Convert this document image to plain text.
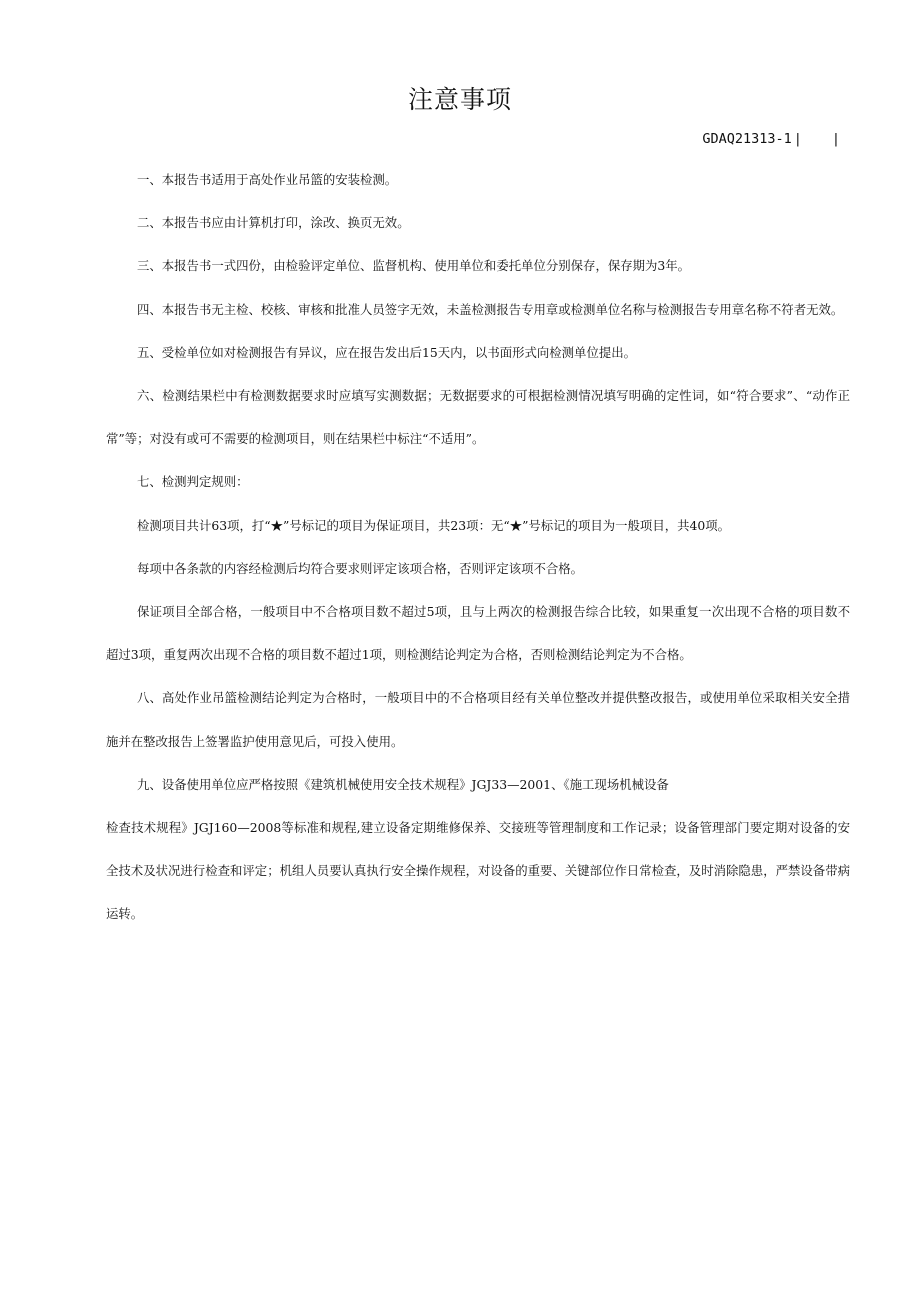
注意事项
GDAQ21313-1 | |

一、本报告书适用于高处作业吊篮的安装检测。

二、本报告书应由计算机打印，涂改、换页无效。

三、本报告书一式四份，由检验评定单位、监督机构、使用单位和委托单位分别保存，保存期为3年。

四、本报告书无主检、校核、审核和批准人员签字无效，未盖检测报告专用章或检测单位名称与检测报告专用章名称不符者无效。

五、受检单位如对检测报告有异议，应在报告发出后15天内，以书面形式向检测单位提出。

六、检测结果栏中有检测数据要求时应填写实测数据；无数据要求的可根据检测情况填写明确的定性词，如“符合要求”、“动作正常”等；对没有或可不需要的检测项目，则在结果栏中标注“不适用”。

七、检测判定规则：

检测项目共计63项，打“★”号标记的项目为保证项目，共23项：无“★”号标记的项目为一般项目，共40项。

每项中各条款的内容经检测后均符合要求则评定该项合格，否则评定该项不合格。

保证项目全部合格，一般项目中不合格项目数不超过5项，且与上两次的检测报告综合比较，如果重复一次出现不合格的项目数不超过3项，重复两次出现不合格的项目数不超过1项，则检测结论判定为合格，否则检测结论判定为不合格。

八、高处作业吊篮检测结论判定为合格时，一般项目中的不合格项目经有关单位整改并提供整改报告，或使用单位采取相关安全措施并在整改报告上签署监护使用意见后，可投入使用。

九、设备使用单位应严格按照《建筑机械使用安全技术规程》JGJ33—2001、《施工现场机械设备

检查技术规程》JGJ160—2008等标准和规程,建立设备定期维修保养、交接班等管理制度和工作记录；设备管理部门要定期对设备的安全技术及状况进行检查和评定；机组人员要认真执行安全操作规程，对设备的重要、关键部位作日常检查，及时消除隐患，严禁设备带病运转。
